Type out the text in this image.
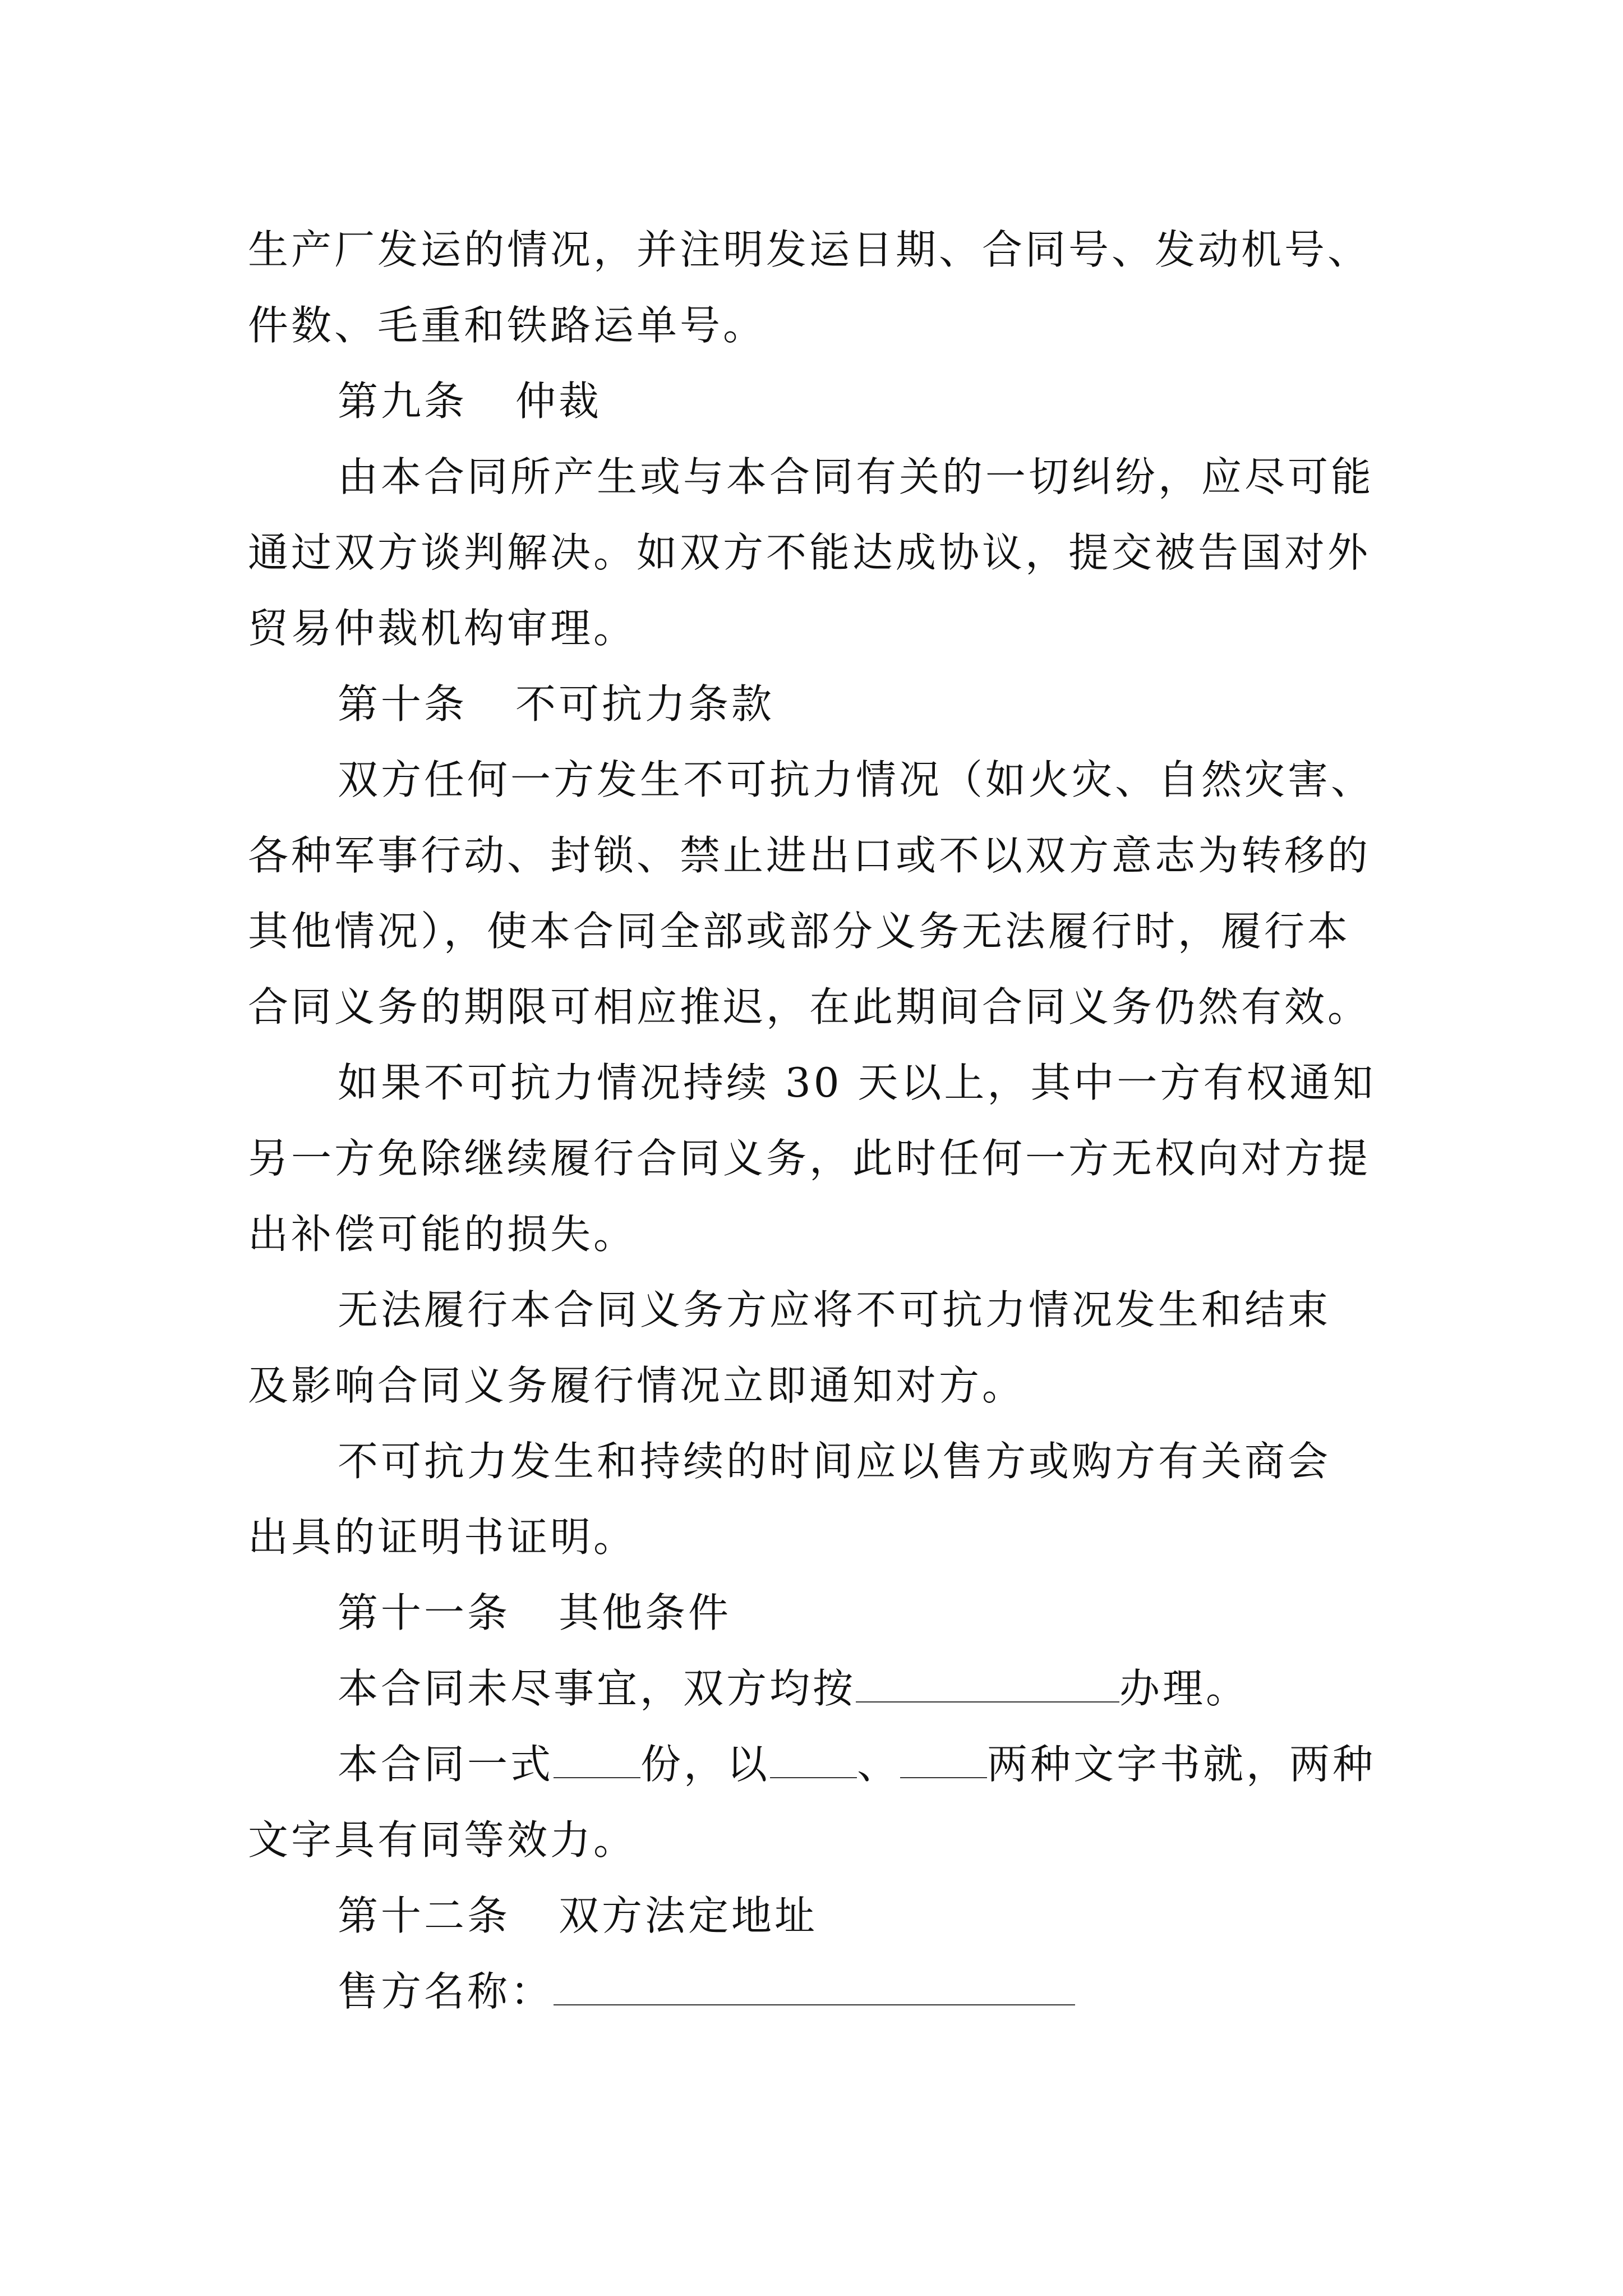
生产厂发运的情况，并注明发运日期、合同号、发动机号、
件数、毛重和铁路运单号。
第九条 仲裁
由本合同所产生或与本合同有关的一切纠纷，应尽可能
通过双方谈判解决。如双方不能达成协议，提交被告国对外
贸易仲裁机构审理。
第十条 不可抗力条款
双方任何一方发生不可抗力情况（如火灾、自然灾害、
各种军事行动、封锁、禁止进出口或不以双方意志为转移的
其他情况），使本合同全部或部分义务无法履行时，履行本
合同义务的期限可相应推迟，在此期间合同义务仍然有效。
如果不可抗力情况持续 30 天以上，其中一方有权通知
另一方免除继续履行合同义务，此时任何一方无权向对方提
出补偿可能的损失。
无法履行本合同义务方应将不可抗力情况发生和结束
及影响合同义务履行情况立即通知对方。
不可抗力发生和持续的时间应以售方或购方有关商会
出具的证明书证明。
第十一条 其他条件
本合同未尽事宜，双方均按	办理。
本合同一式 份，以 、 两种文字书就，两种
文字具有同等效力。
第十二条 双方法定地址
售方名称：
